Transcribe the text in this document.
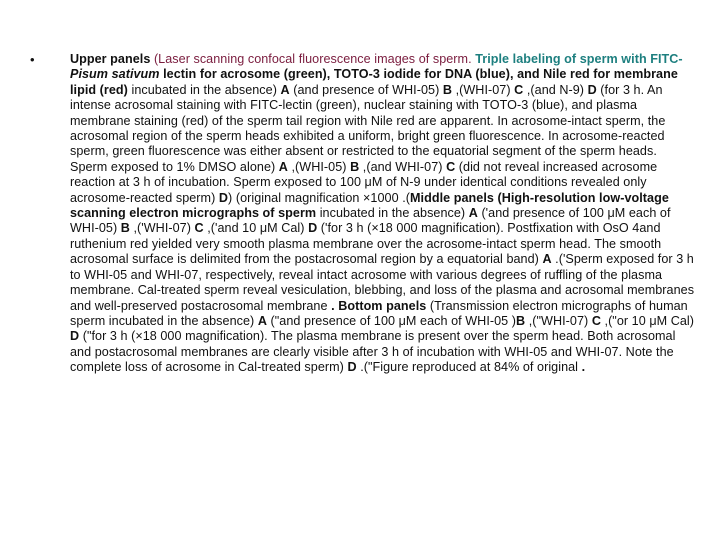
•	Upper panels (Laser scanning confocal fluorescence images of sperm. Triple labeling of sperm with FITC-Pisum sativum lectin for acrosome (green), TOTO-3 iodide for DNA (blue), and Nile red for membrane lipid (red) incubated in the absence) A (and presence of WHI-05) B ,(WHI-07) C ,(and N-9) D (for 3 h. An intense acrosomal staining with FITC-lectin (green), nuclear staining with TOTO-3 (blue), and plasma membrane staining (red) of the sperm tail region with Nile red are apparent. In acrosome-intact sperm, the acrosomal region of the sperm heads exhibited a uniform, bright green fluorescence. In acrosome-reacted sperm, green fluorescence was either absent or restricted to the equatorial segment of the sperm heads. Sperm exposed to 1% DMSO alone) A ,(WHI-05) B ,(and WHI-07) C (did not reveal increased acrosome reaction at 3 h of incubation. Sperm exposed to 100 μM of N-9 under identical conditions revealed only acrosome-reacted sperm) D) (original magnification ×1000 .(Middle panels (High-resolution low-voltage scanning electron micrographs of sperm incubated in the absence) A ('and presence of 100 μM each of WHI-05) B ,('WHI-07) C ,('and 10 μM Cal) D ('for 3 h (×18 000 magnification). Postfixation with OsO 4and ruthenium red yielded very smooth plasma membrane over the acrosome-intact sperm head. The smooth acrosomal surface is delimited from the postacrosomal region by a equatorial band) A .('Sperm exposed for 3 h to WHI-05 and WHI-07, respectively, reveal intact acrosome with various degrees of ruffling of the plasma membrane. Cal-treated sperm reveal vesiculation, blebbing, and loss of the plasma and acrosomal membranes and well-preserved postacrosomal membrane . Bottom panels (Transmission electron micrographs of human sperm incubated in the absence) A ("and presence of 100 μM each of WHI-05 )B ,("WHI-07) C ,("or 10 μM Cal) D ("for 3 h (×18 000 magnification). The plasma membrane is present over the sperm head. Both acrosomal and postacrosomal membranes are clearly visible after 3 h of incubation with WHI-05 and WHI-07. Note the complete loss of acrosome in Cal-treated sperm) D .("Figure reproduced at 84% of original .
